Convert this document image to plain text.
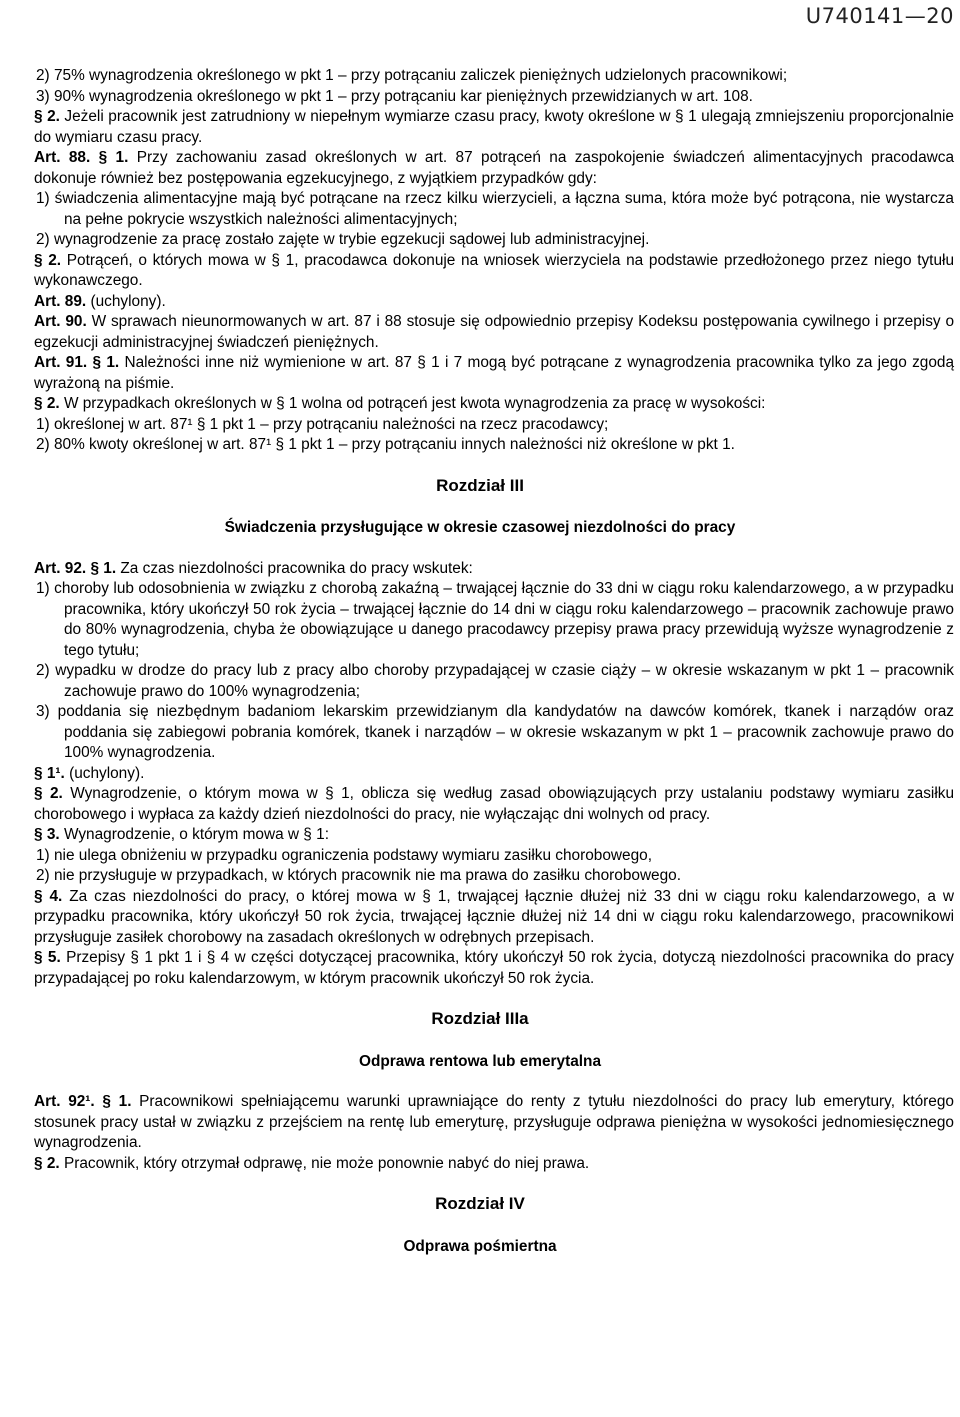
U740141—20

2) 75% wynagrodzenia określonego w pkt 1 – przy potrącaniu zaliczek pieniężnych udzielonych pracownikowi;

3) 90% wynagrodzenia określonego w pkt 1 – przy potrącaniu kar pieniężnych przewidzianych w art. 108.

§ 2. Jeżeli pracownik jest zatrudniony w niepełnym wymiarze czasu pracy, kwoty określone w § 1 ulegają zmniejszeniu proporcjonalnie do wymiaru czasu pracy.

Art. 88. § 1. Przy zachowaniu zasad określonych w art. 87 potrąceń na zaspokojenie świadczeń alimentacyjnych pracodawca dokonuje również bez postępowania egzekucyjnego, z wyjątkiem przypadków gdy:

1) świadczenia alimentacyjne mają być potrącane na rzecz kilku wierzycieli, a łączna suma, która może być potrącona, nie wystarcza na pełne pokrycie wszystkich należności alimentacyjnych;

2) wynagrodzenie za pracę zostało zajęte w trybie egzekucji sądowej lub administracyjnej.

§ 2. Potrąceń, o których mowa w § 1, pracodawca dokonuje na wniosek wierzyciela na podstawie przedłożonego przez niego tytułu wykonawczego.

Art. 89. (uchylony).

Art. 90. W sprawach nieunormowanych w art. 87 i 88 stosuje się odpowiednio przepisy Kodeksu postępowania cywilnego i przepisy o egzekucji administracyjnej świadczeń pieniężnych.

Art. 91. § 1. Należności inne niż wymienione w art. 87 § 1 i 7 mogą być potrącane z wynagrodzenia pracownika tylko za jego zgodą wyrażoną na piśmie.

§ 2. W przypadkach określonych w § 1 wolna od potrąceń jest kwota wynagrodzenia za pracę w wysokości:

1) określonej w art. 87¹ § 1 pkt 1 – przy potrącaniu należności na rzecz pracodawcy;

2) 80% kwoty określonej w art. 87¹ § 1 pkt 1 – przy potrącaniu innych należności niż określone w pkt 1.

Rozdział III

Świadczenia przysługujące w okresie czasowej niezdolności do pracy

Art. 92. § 1. Za czas niezdolności pracownika do pracy wskutek:

1) choroby lub odosobnienia w związku z chorobą zakaźną – trwającej łącznie do 33 dni w ciągu roku kalendarzowego, a w przypadku pracownika, który ukończył 50 rok życia – trwającej łącznie do 14 dni w ciągu roku kalendarzowego – pracownik zachowuje prawo do 80% wynagrodzenia, chyba że obowiązujące u danego pracodawcy przepisy prawa pracy przewidują wyższe wynagrodzenie z tego tytułu;

2) wypadku w drodze do pracy lub z pracy albo choroby przypadającej w czasie ciąży – w okresie wskazanym w pkt 1 – pracownik zachowuje prawo do 100% wynagrodzenia;

3) poddania się niezbędnym badaniom lekarskim przewidzianym dla kandydatów na dawców komórek, tkanek i narządów oraz poddania się zabiegowi pobrania komórek, tkanek i narządów – w okresie wskazanym w pkt 1 – pracownik zachowuje prawo do 100% wynagrodzenia.

§ 1¹. (uchylony).

§ 2. Wynagrodzenie, o którym mowa w § 1, oblicza się według zasad obowiązujących przy ustalaniu podstawy wymiaru zasiłku chorobowego i wypłaca za każdy dzień niezdolności do pracy, nie wyłączając dni wolnych od pracy.

§ 3. Wynagrodzenie, o którym mowa w § 1:

1) nie ulega obniżeniu w przypadku ograniczenia podstawy wymiaru zasiłku chorobowego,

2) nie przysługuje w przypadkach, w których pracownik nie ma prawa do zasiłku chorobowego.

§ 4. Za czas niezdolności do pracy, o której mowa w § 1, trwającej łącznie dłużej niż 33 dni w ciągu roku kalendarzowego, a w przypadku pracownika, który ukończył 50 rok życia, trwającej łącznie dłużej niż 14 dni w ciągu roku kalendarzowego, pracownikowi przysługuje zasiłek chorobowy na zasadach określonych w odrębnych przepisach.

§ 5. Przepisy § 1 pkt 1 i § 4 w części dotyczącej pracownika, który ukończył 50 rok życia, dotyczą niezdolności pracownika do pracy przypadającej po roku kalendarzowym, w którym pracownik ukończył 50 rok życia.

Rozdział IIIa

Odprawa rentowa lub emerytalna

Art. 92¹. § 1. Pracownikowi spełniającemu warunki uprawniające do renty z tytułu niezdolności do pracy lub emerytury, którego stosunek pracy ustał w związku z przejściem na rentę lub emeryturę, przysługuje odprawa pieniężna w wysokości jednomiesięcznego wynagrodzenia.

§ 2. Pracownik, który otrzymał odprawę, nie może ponownie nabyć do niej prawa.

Rozdział IV

Odprawa pośmiertna
